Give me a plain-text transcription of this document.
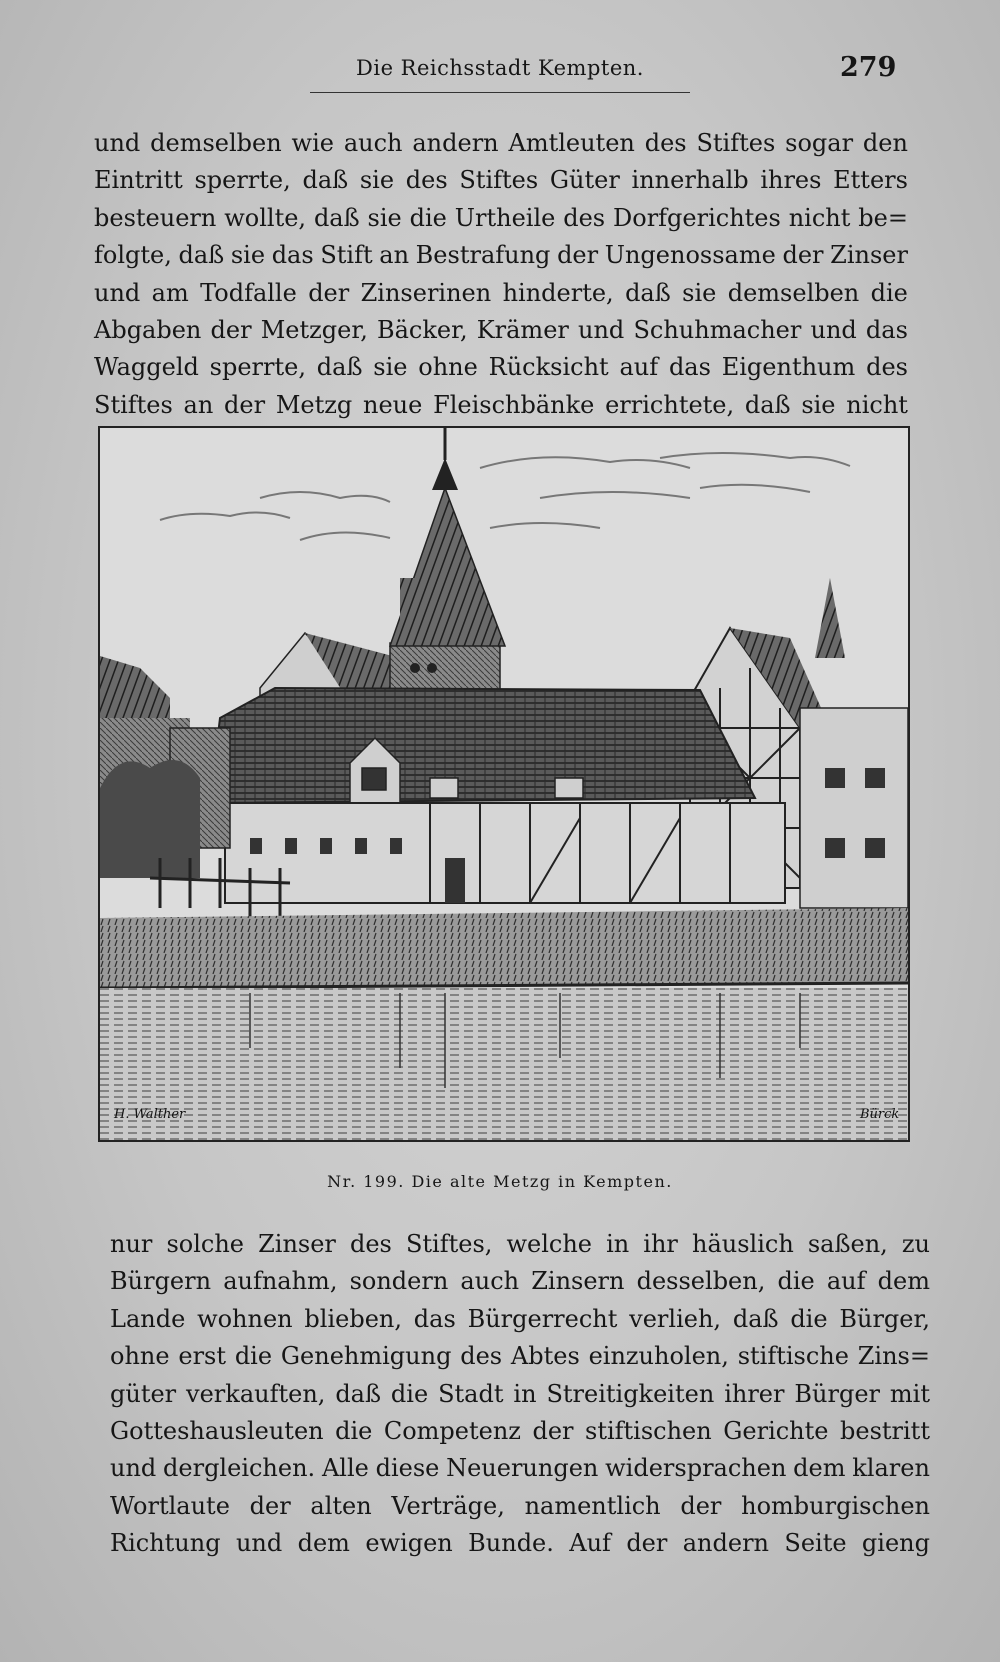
Die Reichsstadt Kempten.	279
und demselben wie auch andern Amtleuten des Stiftes sogar den
Eintritt sperrte, daß sie des Stiftes Güter innerhalb ihres Etters
besteuern wollte, daß sie die Urtheile des Dorfgerichtes nicht be=
folgte, daß sie das Stift an Bestrafung der Ungenossame der Zinser
und am Todfalle der Zinserinen hinderte, daß sie demselben die
Abgaben der Metzger, Bäcker, Krämer und Schuhmacher und das
Waggeld sperrte, daß sie ohne Rücksicht auf das Eigenthum des
Stiftes an der Metzg neue Fleischbänke errichtete, daß sie nicht
H. Walther	Bürck
Nr. 199. Die alte Metzg in Kempten.
nur solche Zinser des Stiftes, welche in ihr häuslich saßen, zu
Bürgern aufnahm, sondern auch Zinsern desselben, die auf dem
Lande wohnen blieben, das Bürgerrecht verlieh, daß die Bürger,
ohne erst die Genehmigung des Abtes einzuholen, stiftische Zins=
güter verkauften, daß die Stadt in Streitigkeiten ihrer Bürger mit
Gotteshausleuten die Competenz der stiftischen Gerichte bestritt
und dergleichen. Alle diese Neuerungen widersprachen dem klaren
Wortlaute der alten Verträge, namentlich der homburgischen
Richtung und dem ewigen Bunde. Auf der andern Seite gieng
